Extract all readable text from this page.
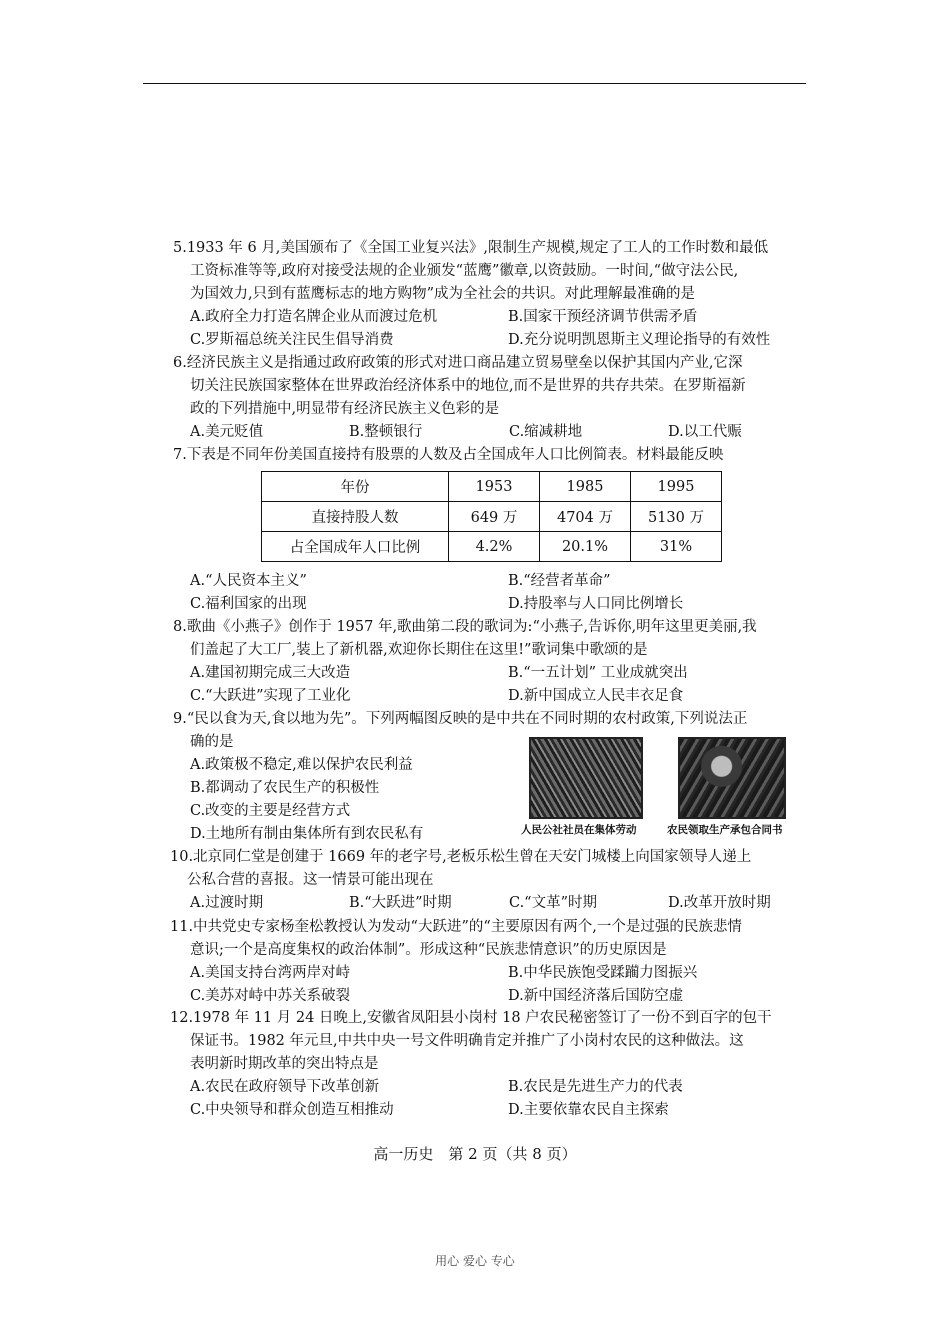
5.1933 年 6 月,美国颁布了《全国工业复兴法》,限制生产规模,规定了工人的工作时数和最低
工资标准等等,政府对接受法规的企业颁发“蓝鹰”徽章,以资鼓励。一时间,“做守法公民,
为国效力,只到有蓝鹰标志的地方购物”成为全社会的共识。对此理解最准确的是

A.政府全力打造名牌企业从而渡过危机	B.国家干预经济调节供需矛盾
C.罗斯福总统关注民生倡导消费	D.充分说明凯恩斯主义理论指导的有效性

6.经济民族主义是指通过政府政策的形式对进口商品建立贸易壁垒以保护其国内产业,它深
切关注民族国家整体在世界政治经济体系中的地位,而不是世界的共存共荣。在罗斯福新
政的下列措施中,明显带有经济民族主义色彩的是

A.美元贬值	B.整顿银行	C.缩减耕地	D.以工代赈

7.下表是不同年份美国直接持有股票的人数及占全国成年人口比例简表。材料最能反映

年份	1953	1985	1995
直接持股人数	649 万	4704 万	5130 万
占全国成年人口比例	4.2%	20.1%	31%
A.“人民资本主义”	B.“经营者革命”
C.福利国家的出现	D.持股率与人口同比例增长

8.歌曲《小燕子》创作于 1957 年,歌曲第二段的歌词为:“小燕子,告诉你,明年这里更美丽,我
们盖起了大工厂,装上了新机器,欢迎你长期住在这里!”歌词集中歌颂的是

A.建国初期完成三大改造	B.“一五计划” 工业成就突出
C.“大跃进”实现了工业化	D.新中国成立人民丰衣足食

9.“民以食为天,食以地为先”。下列两幅图反映的是中共在不同时期的农村政策,下列说法正
确的是

A.政策极不稳定,难以保护农民利益
B.都调动了农民生产的积极性
C.改变的主要是经营方式
D.土地所有制由集体所有到农民私有	人民公社社员在集体劳动	农民领取生产承包合同书

10.北京同仁堂是创建于 1669 年的老字号,老板乐松生曾在天安门城楼上向国家领导人递上
公私合营的喜报。这一情景可能出现在

A.过渡时期	B.“大跃进”时期	C.“文革”时期	D.改革开放时期

11.中共党史专家杨奎松教授认为发动“大跃进”的“主要原因有两个,一个是过强的民族悲情
意识;一个是高度集权的政治体制”。形成这种“民族悲情意识”的历史原因是

A.美国支持台湾两岸对峙	B.中华民族饱受蹂躏力图振兴
C.美苏对峙中苏关系破裂	D.新中国经济落后国防空虚

12.1978 年 11 月 24 日晚上,安徽省凤阳县小岗村 18 户农民秘密签订了一份不到百字的包干
保证书。1982 年元旦,中共中央一号文件明确肯定并推广了小岗村农民的这种做法。这
表明新时期改革的突出特点是

A.农民在政府领导下改革创新	B.农民是先进生产力的代表
C.中央领导和群众创造互相推动	D.主要依靠农民自主探索
高一历史　第 2 页（共 8 页）
用心 爱心 专心
